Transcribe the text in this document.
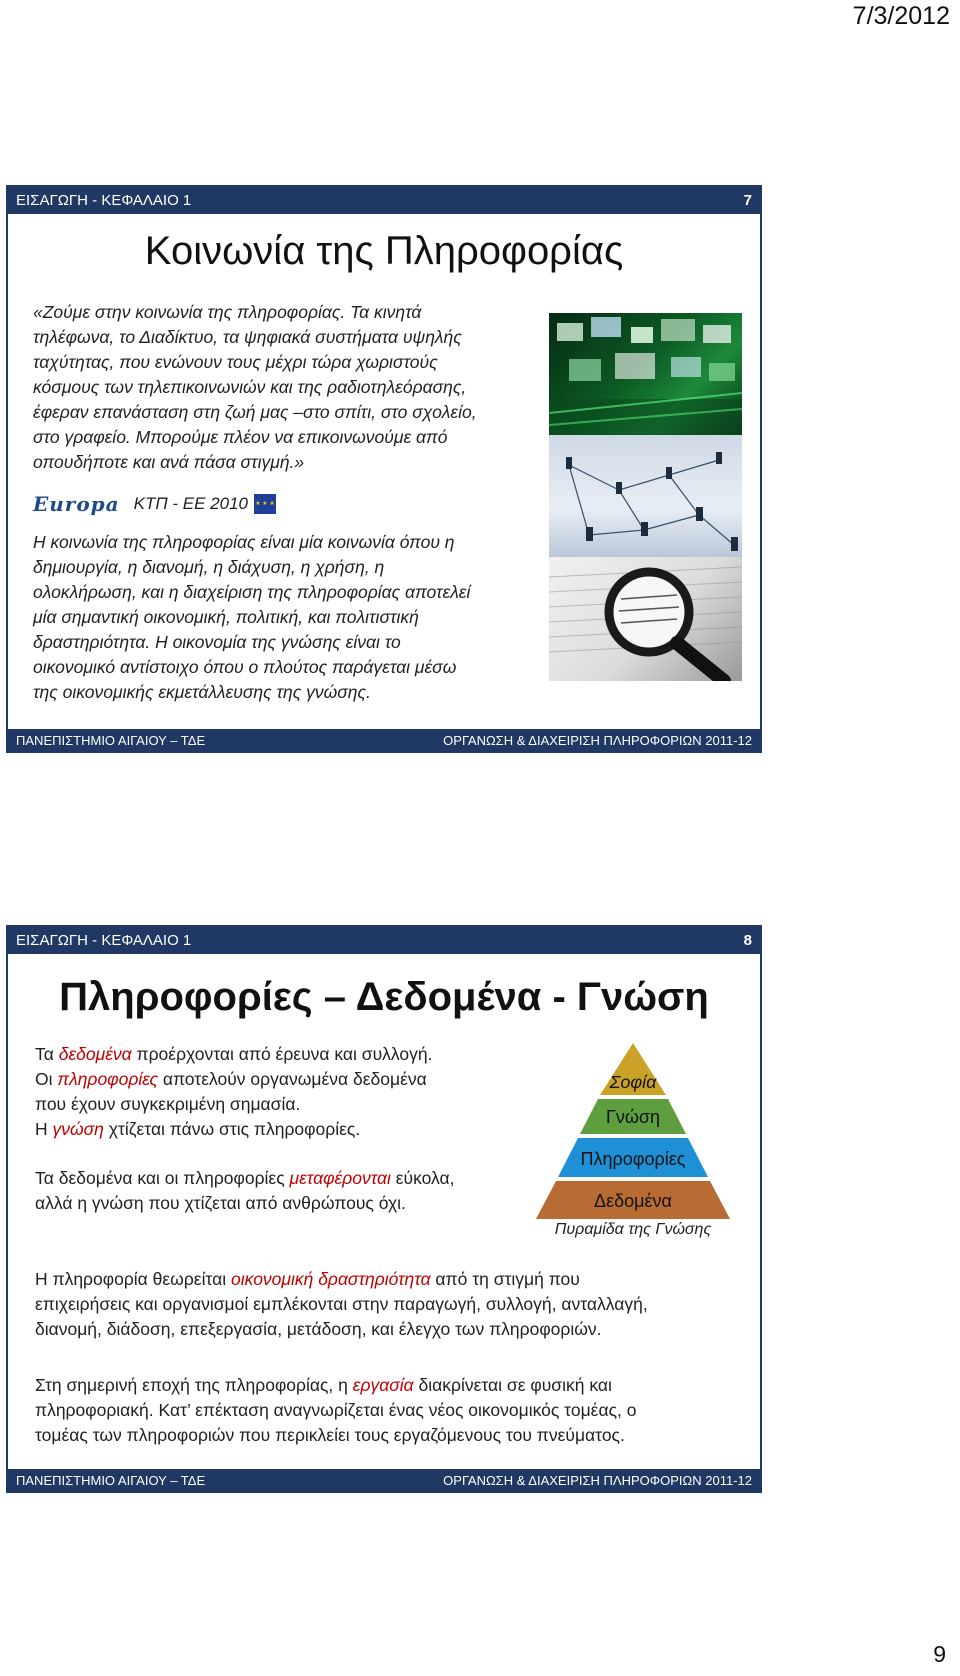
7/3/2012
ΕΙΣΑΓΩΓΗ - ΚΕΦΑΛΑΙΟ 1	7
Κοινωνία της Πληροφορίας
«Ζούμε στην κοινωνία της πληροφορίας. Τα κινητά
τηλέφωνα, το Διαδίκτυο, τα ψηφιακά συστήματα υψηλής
ταχύτητας, που ενώνουν τους μέχρι τώρα χωριστούς
κόσμους των τηλεπικοινωνιών και της ραδιοτηλεόρασης,
έφεραν επανάσταση στη ζωή μας –στο σπίτι, στο σχολείο,
στο γραφείο. Μπορούμε πλέον να επικοινωνούμε από
οπουδήποτε και ανά πάσα στιγμή.»
Europa ΚΤΠ - ΕΕ 2010 ★ ★ ★
Η κοινωνία της πληροφορίας είναι μία κοινωνία όπου η
δημιουργία, η διανομή, η διάχυση, η χρήση, η
ολοκλήρωση, και η διαχείριση της πληροφορίας αποτελεί
μία σημαντική οικονομική, πολιτική, και πολιτιστική
δραστηριότητα. Η οικονομία της γνώσης είναι το
οικονομικό αντίστοιχο όπου ο πλούτος παράγεται μέσω
της οικονομικής εκμετάλλευσης της γνώσης.
ΠΑΝΕΠΙΣΤΗΜΙΟ ΑΙΓΑΙΟΥ – ΤΔΕ	ΟΡΓΑΝΩΣΗ & ΔΙΑΧΕΙΡΙΣΗ ΠΛΗΡΟΦΟΡΙΩΝ 2011-12
ΕΙΣΑΓΩΓΗ - ΚΕΦΑΛΑΙΟ 1	8
Πληροφορίες – Δεδομένα - Γνώση
Τα δεδομένα προέρχονται από έρευνα και συλλογή.
Οι πληροφορίες αποτελούν οργανωμένα δεδομένα
που έχουν συγκεκριμένη σημασία.
Η γνώση χτίζεται πάνω στις πληροφορίες.
Τα δεδομένα και οι πληροφορίες μεταφέρονται εύκολα,
αλλά η γνώση που χτίζεται από ανθρώπους όχι.
Σοφία
Γνώση
Πληροφορίες
Δεδομένα
Πυραμίδα της Γνώσης
Η πληροφορία θεωρείται οικονομική δραστηριότητα από τη στιγμή που
επιχειρήσεις και οργανισμοί εμπλέκονται στην παραγωγή, συλλογή, ανταλλαγή,
διανομή, διάδοση, επεξεργασία, μετάδοση, και έλεγχο των πληροφοριών.
Στη σημερινή εποχή της πληροφορίας, η εργασία διακρίνεται σε φυσική και
πληροφοριακή. Κατ’ επέκταση αναγνωρίζεται ένας νέος οικονομικός τομέας, ο
τομέας των πληροφοριών που περικλείει τους εργαζόμενους του πνεύματος.
ΠΑΝΕΠΙΣΤΗΜΙΟ ΑΙΓΑΙΟΥ – ΤΔΕ	ΟΡΓΑΝΩΣΗ & ΔΙΑΧΕΙΡΙΣΗ ΠΛΗΡΟΦΟΡΙΩΝ 2011-12
9
